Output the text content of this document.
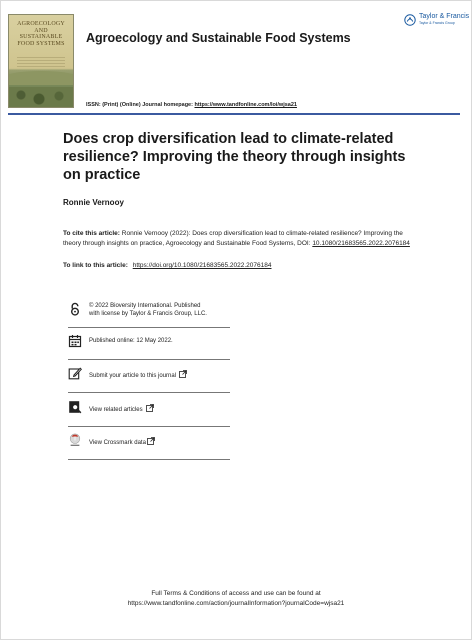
AGROECOLOGY
AND
SUSTAINABLE
FOOD SYSTEMS	Agroecology and Sustainable Food Systems
Taylor & Francis
Taylor & Francis Group
ISSN: (Print) (Online) Journal homepage: https://www.tandfonline.com/loi/wjsa21
Does crop diversification lead to climate-related resilience? Improving the theory through insights on practice
Ronnie Vernooy
To cite this article: Ronnie Vernooy (2022): Does crop diversification lead to climate-related resilience? Improving the theory through insights on practice, Agroecology and Sustainable Food Systems, DOI: 10.1080/21683565.2022.2076184
To link to this article: https://doi.org/10.1080/21683565.2022.2076184
© 2022 Bioversity International. Published
with license by Taylor & Francis Group, LLC.
Published online: 12 May 2022.
Submit your article to this journal
View related articles
View Crossmark data
Full Terms & Conditions of access and use can be found at
https://www.tandfonline.com/action/journalInformation?journalCode=wjsa21
